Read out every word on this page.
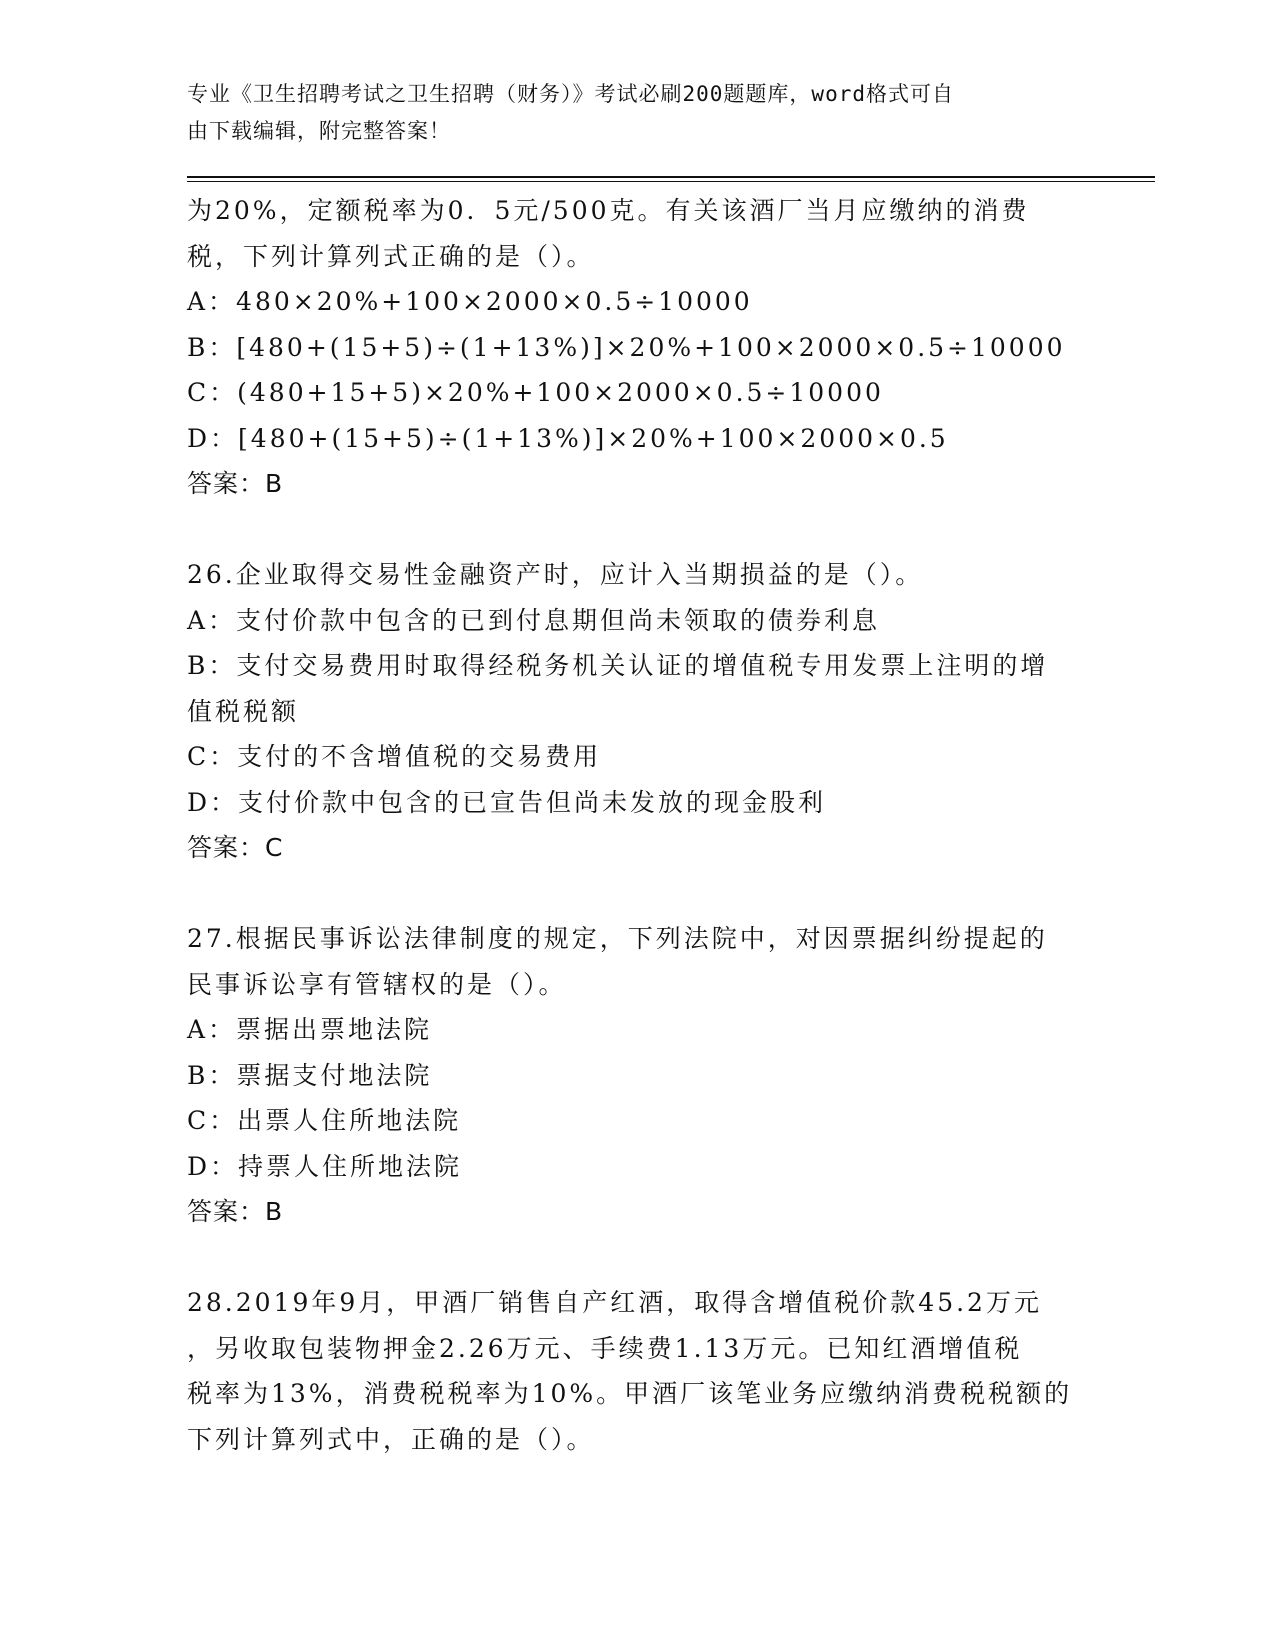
专业《卫生招聘考试之卫生招聘（财务）》考试必刷200题题库，word格式可自
由下载编辑，附完整答案！
为20%，定额税率为0．5元/500克。有关该酒厂当月应缴纳的消费
税，下列计算列式正确的是（）。
A：480×20%+100×2000×0.5÷10000
B：[480+(15+5)÷(1+13%)]×20%+100×2000×0.5÷10000
C：(480+15+5)×20%+100×2000×0.5÷10000
D：[480+(15+5)÷(1+13%)]×20%+100×2000×0.5
答案：B
26.企业取得交易性金融资产时，应计入当期损益的是（）。
A：支付价款中包含的已到付息期但尚未领取的债券利息
B：支付交易费用时取得经税务机关认证的增值税专用发票上注明的增
值税税额
C：支付的不含增值税的交易费用
D：支付价款中包含的已宣告但尚未发放的现金股利
答案：C
27.根据民事诉讼法律制度的规定，下列法院中，对因票据纠纷提起的
民事诉讼享有管辖权的是（）。
A：票据出票地法院
B：票据支付地法院
C：出票人住所地法院
D：持票人住所地法院
答案：B
28.2019年9月，甲酒厂销售自产红酒，取得含增值税价款45.2万元
，另收取包装物押金2.26万元、手续费1.13万元。已知红酒增值税
税率为13%，消费税税率为10%。甲酒厂该笔业务应缴纳消费税税额的
下列计算列式中，正确的是（）。
